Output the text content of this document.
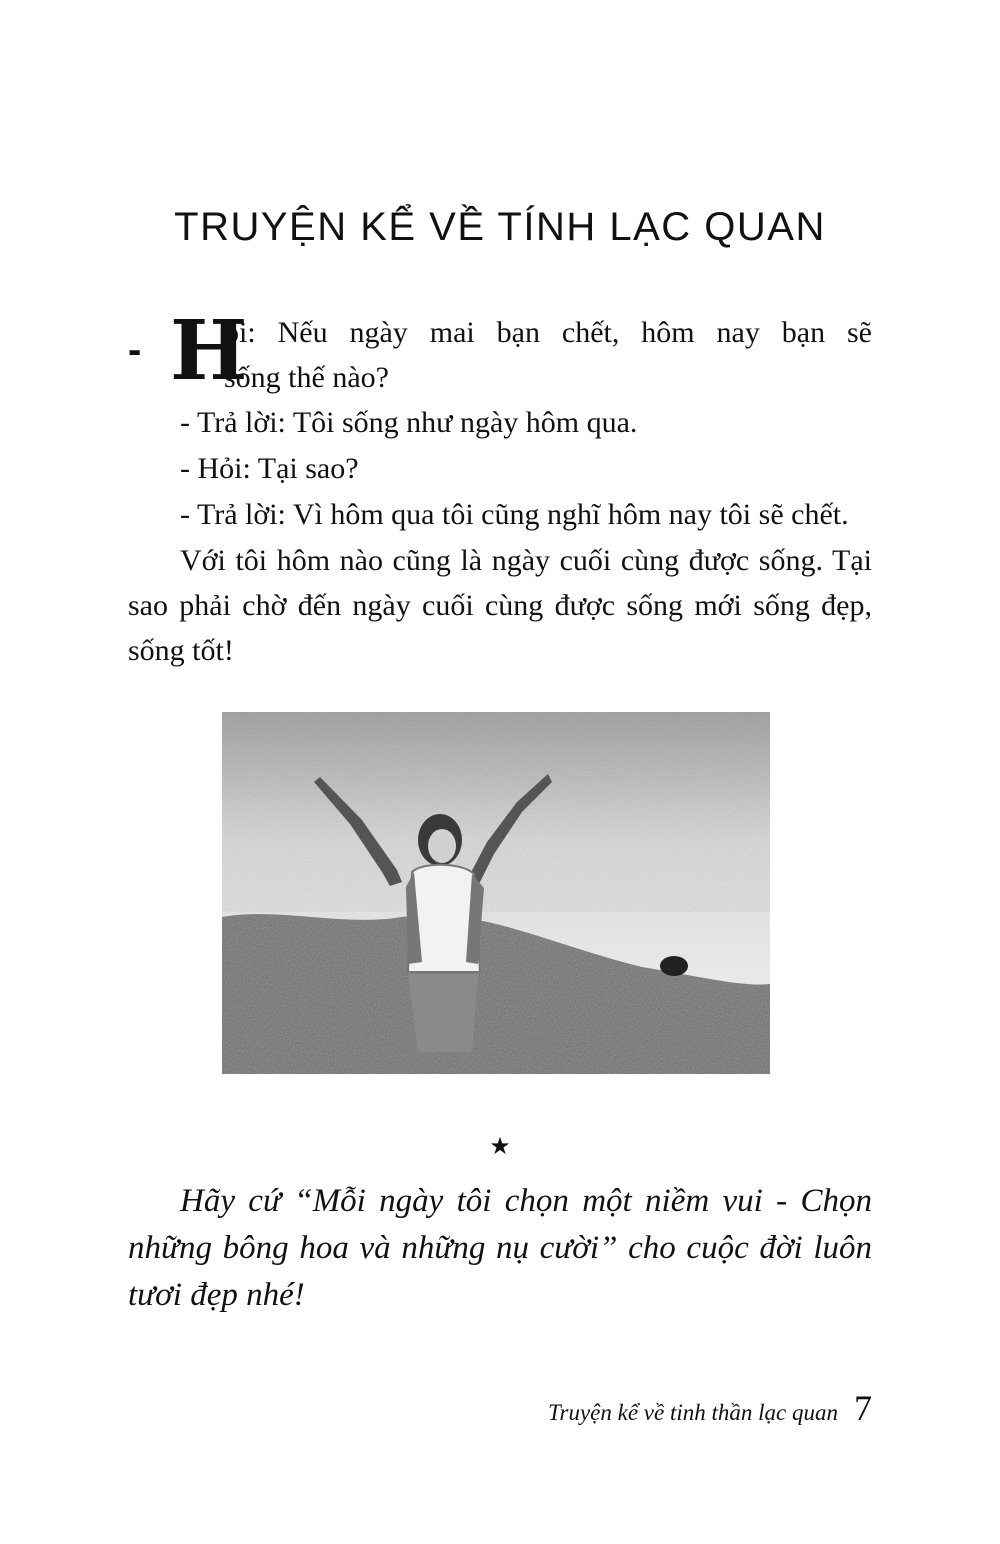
TRUYỆN KỂ VỀ TÍNH LẠC QUAN
- H
ỏi: Nếu ngày mai bạn chết, hôm nay bạn sẽ
sống thế nào?

- Trả lời: Tôi sống như ngày hôm qua.

- Hỏi: Tại sao?

- Trả lời: Vì hôm qua tôi cũng nghĩ hôm nay tôi sẽ chết.

Với tôi hôm nào cũng là ngày cuối cùng được sống. Tại sao phải chờ đến ngày cuối cùng được sống mới sống đẹp, sống tốt!

★

Hãy cứ “Mỗi ngày tôi chọn một niềm vui - Chọn những bông hoa và những nụ cười” cho cuộc đời luôn tươi đẹp nhé!

Truyện kể về tinh thần lạc quan 7
